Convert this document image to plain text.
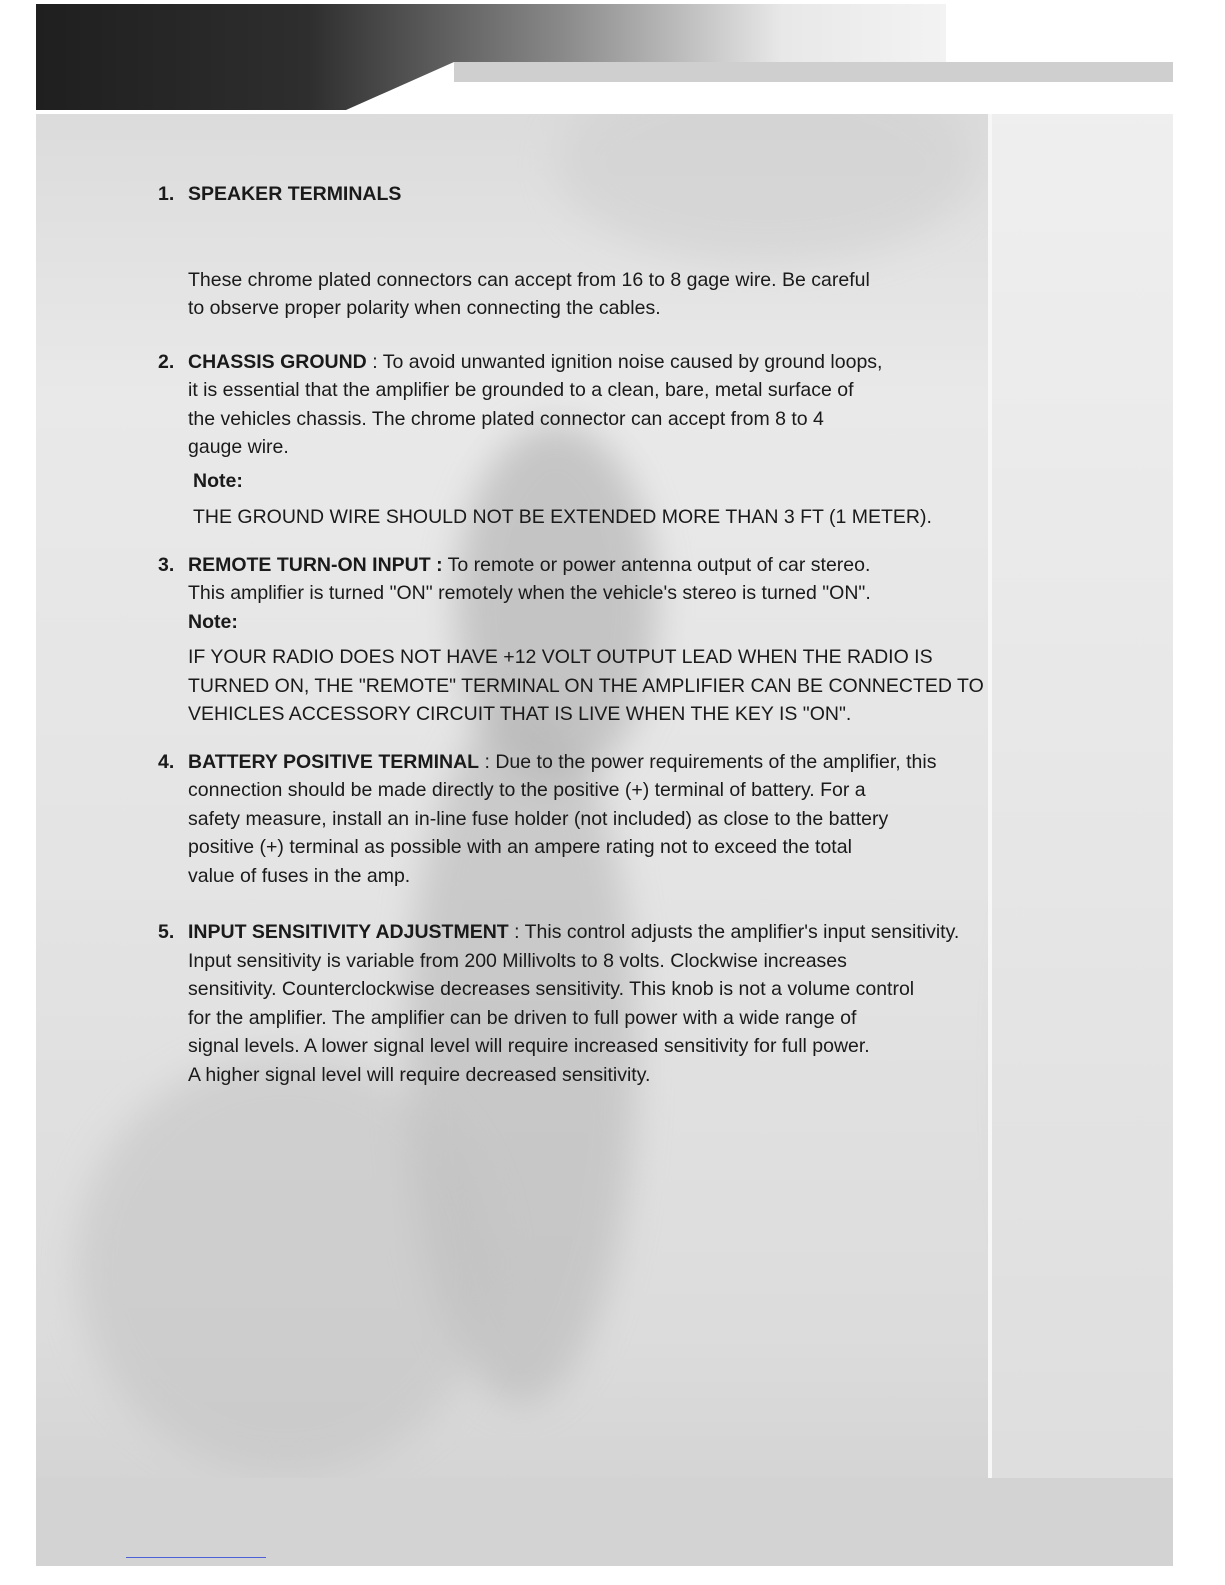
1. SPEAKER TERMINALS
These chrome plated connectors can accept from 16 to 8 gage wire. Be careful
to observe proper polarity when connecting the cables.
2. CHASSIS GROUND : To avoid unwanted ignition noise caused by ground loops,
it is essential that the amplifier be grounded to a clean, bare, metal surface of
the vehicles chassis. The chrome plated connector can accept from 8 to 4
gauge wire.
Note:
THE GROUND WIRE SHOULD NOT BE EXTENDED MORE THAN 3 FT (1 METER).
3. REMOTE TURN-ON INPUT : To remote or power antenna output of car stereo.
This amplifier is turned "ON" remotely when the vehicle's stereo is turned "ON".
Note:
IF YOUR RADIO DOES NOT HAVE +12 VOLT OUTPUT LEAD WHEN THE RADIO IS
TURNED ON, THE "REMOTE" TERMINAL ON THE AMPLIFIER CAN BE CONNECTED TO
VEHICLES ACCESSORY CIRCUIT THAT IS LIVE WHEN THE KEY IS "ON".
4. BATTERY POSITIVE TERMINAL : Due to the power requirements of the amplifier, this
connection should be made directly to the positive (+) terminal of battery. For a
safety measure, install an in-line fuse holder (not included) as close to the battery
positive (+) terminal as possible with an ampere rating not to exceed the total
value of fuses in the amp.
5. INPUT SENSITIVITY ADJUSTMENT : This control adjusts the amplifier's input sensitivity.
Input sensitivity is variable from 200 Millivolts to 8 volts. Clockwise increases
sensitivity. Counterclockwise decreases sensitivity. This knob is not a volume control
for the amplifier. The amplifier can be driven to full power with a wide range of
signal levels. A lower signal level will require increased sensitivity for full power.
A higher signal level will require decreased sensitivity.
